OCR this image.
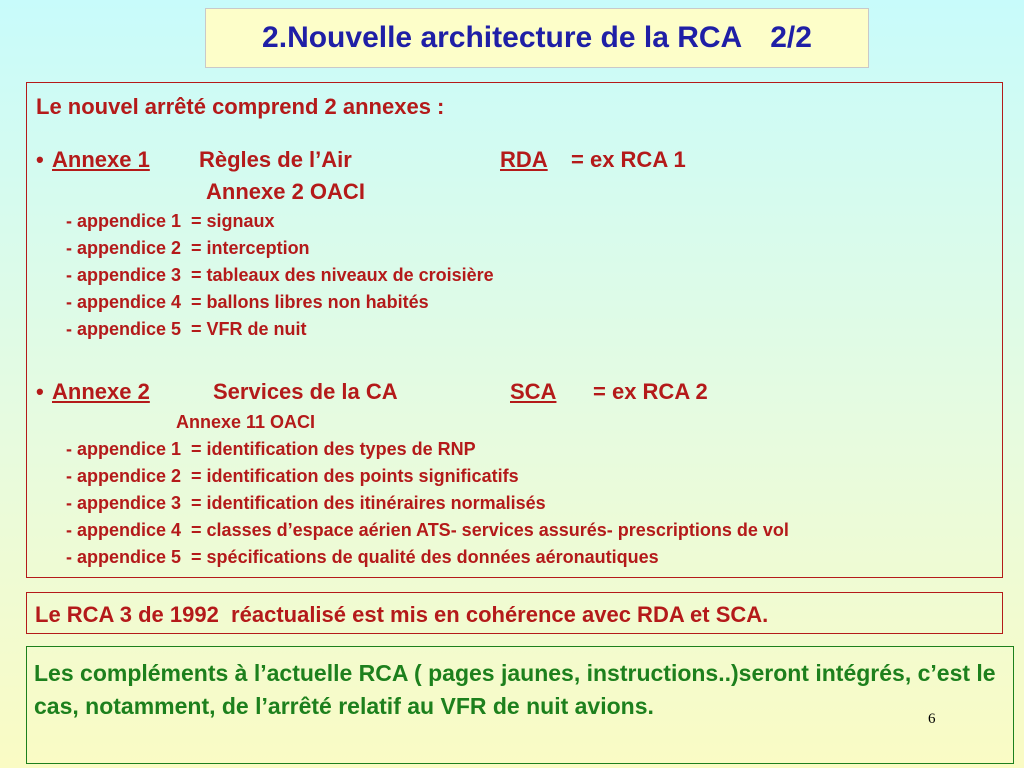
2.Nouvelle architecture de la RCA 2/2
Le nouvel arrêté comprend 2 annexes :
• Annexe 1 Règles de l’Air	RDA = ex RCA 1
Annexe 2 OACI
- appendice 1  = signaux
- appendice 2  = interception
- appendice 3  = tableaux des niveaux de croisière
- appendice 4  = ballons libres non habités
- appendice 5  = VFR de nuit
• Annexe 2	Services de la CA	SCA = ex RCA 2
Annexe 11 OACI
- appendice 1  = identification des types de RNP
- appendice 2  = identification des points significatifs
- appendice 3  = identification des itinéraires normalisés
- appendice 4  = classes d’espace aérien ATS- services assurés- prescriptions de vol
- appendice 5  = spécifications de qualité des données aéronautiques
Le RCA 3 de 1992  réactualisé est mis en cohérence avec RDA et SCA.
Les compléments à l’actuelle RCA ( pages jaunes, instructions..)seront intégrés, c’est le cas, notamment, de l’arrêté relatif au VFR de nuit avions.	6
